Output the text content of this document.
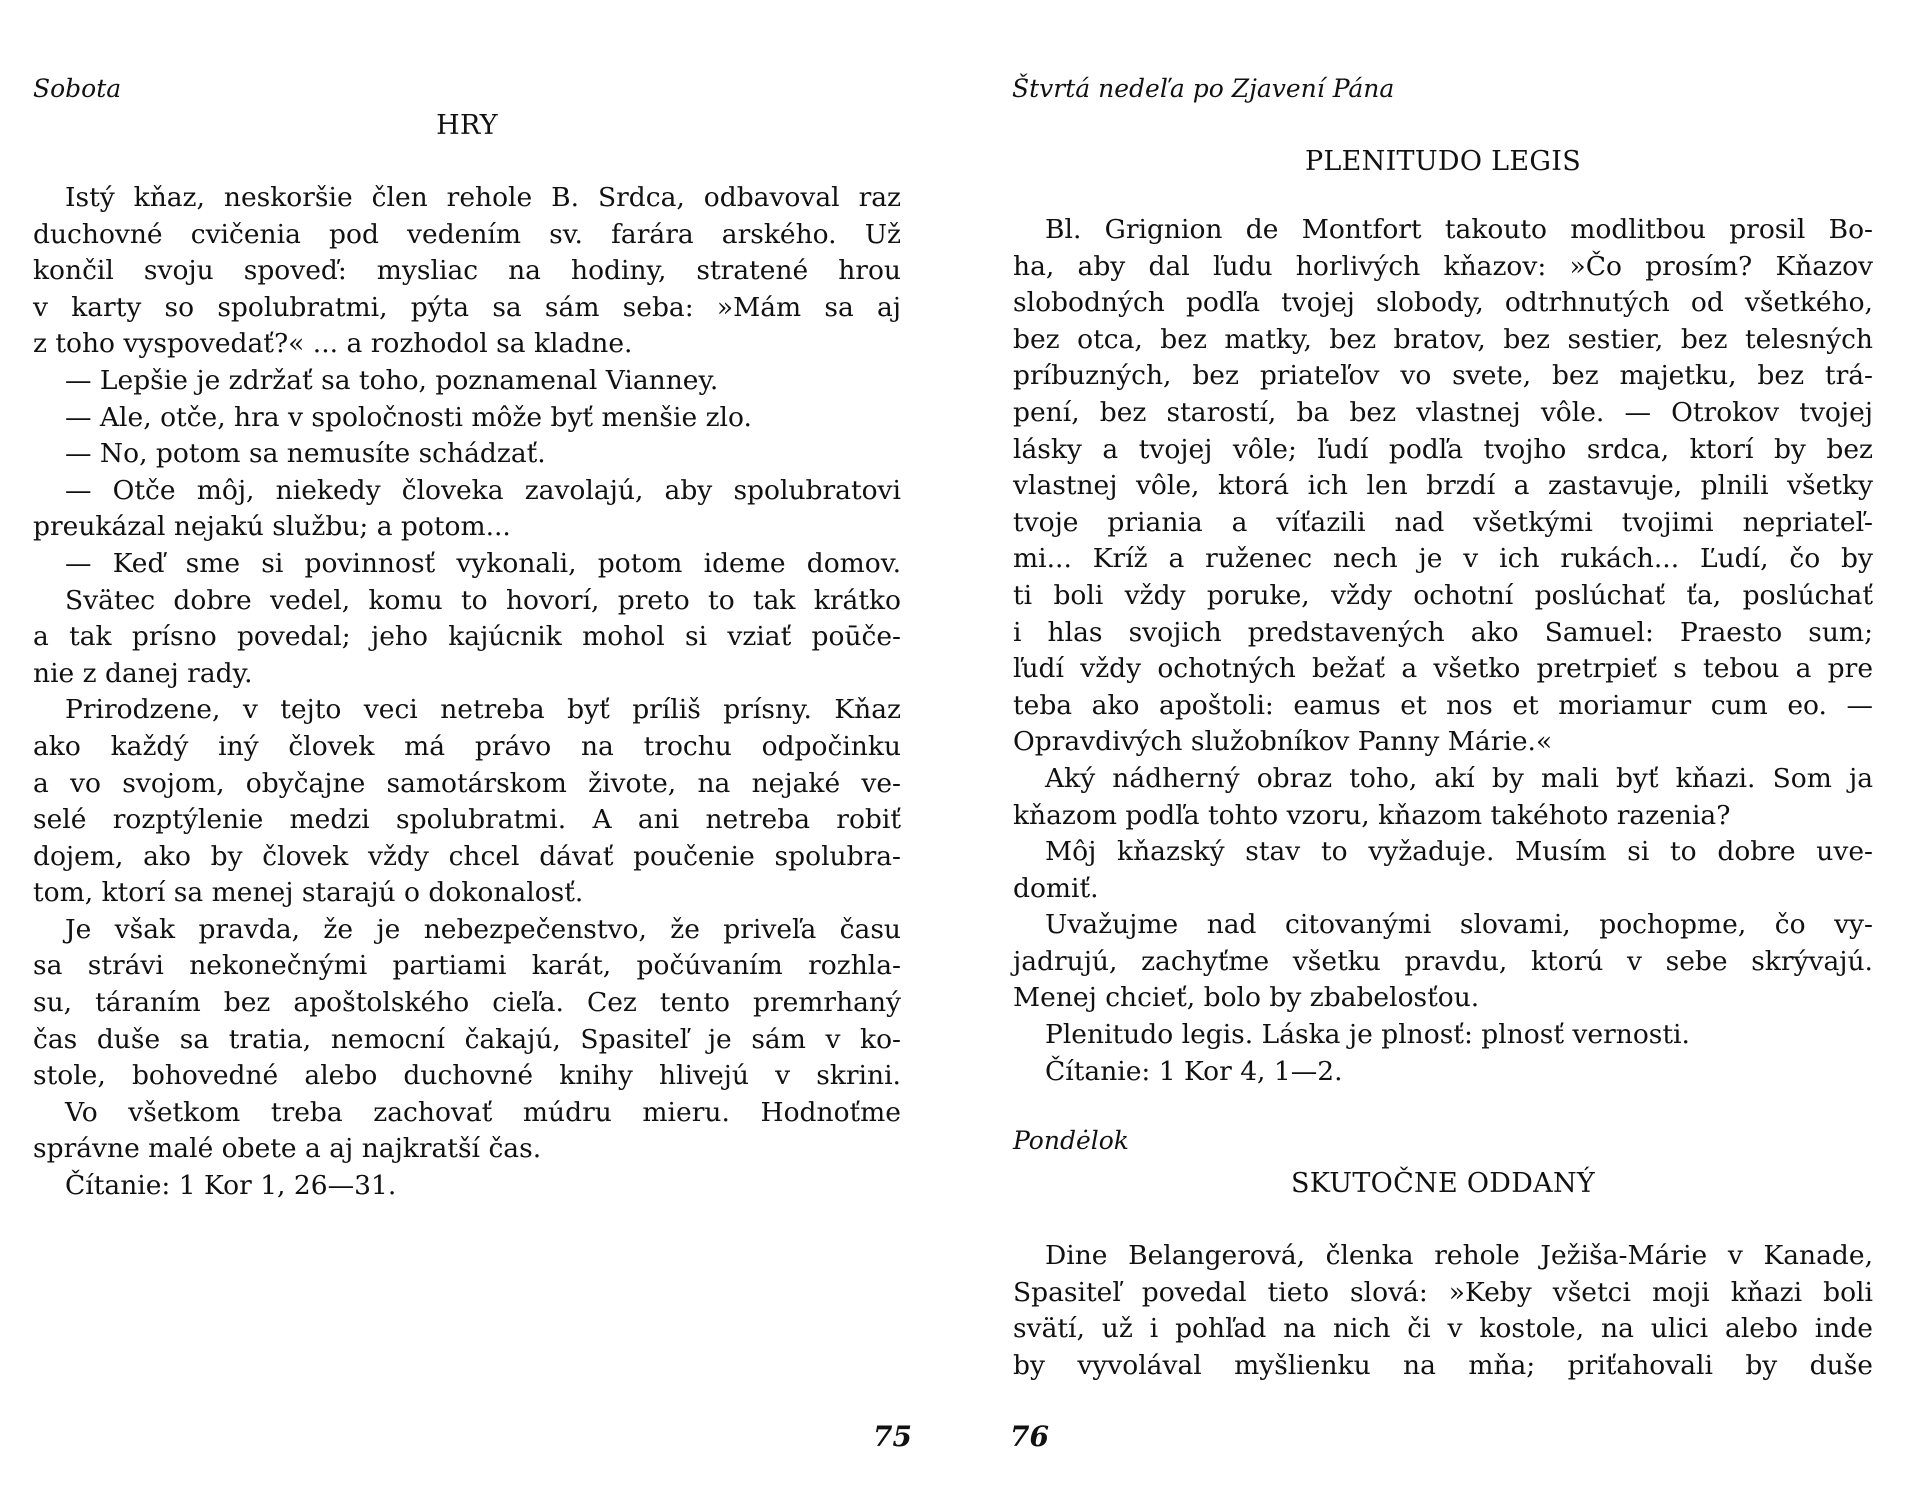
Sobota
HRY
Istý kňaz, neskoršie člen rehole B. Srdca, odbavoval raz
duchovné cvičenia pod vedením sv. farára arského. Už
končil svoju spoveď: mysliac na hodiny, stratené hrou
v karty so spolubratmi, pýta sa sám seba: »Mám sa aj
z toho vyspovedať?« ... a rozhodol sa kladne.
— Lepšie je zdržať sa toho, poznamenal Vianney.
— Ale, otče, hra v spoločnosti môže byť menšie zlo.
— No, potom sa nemusíte schádzať.
— Otče môj, niekedy človeka zavolajú, aby spolubratovi
preukázal nejakú službu; a potom...
— Keď sme si povinnosť vykonali, potom ideme domov.
Svätec dobre vedel, komu to hovorí, preto to tak krátko
a tak prísno povedal; jeho kajúcnik mohol si vziať poūče-
nie z danej rady.
Prirodzene, v tejto veci netreba byť príliš prísny. Kňaz
ako každý iný človek má právo na trochu odpočinku
a vo svojom, obyčajne samotárskom živote, na nejaké ve-
selé rozptýlenie medzi spolubratmi. A ani netreba robiť
dojem, ako by človek vždy chcel dávať poučenie spolubra-
tom, ktorí sa menej starajú o dokonalosť.
Je však pravda, že je nebezpečenstvo, že priveľa času
sa strávi nekonečnými partiami karát, počúvaním rozhla-
su, táraním bez apoštolského cieľa. Cez tento premrhaný
čas duše sa tratia, nemocní čakajú, Spasiteľ je sám v ko-
stole, bohovedné alebo duchovné knihy hlivejú v skrini.
Vo všetkom treba zachovať múdru mieru. Hodnoťme
správne malé obete a aj najkratší čas.
Čítanie: 1 Kor 1, 26—31.
75
Štvrtá nedeľa po Zjavení Pána
PLENITUDO LEGIS
Bl. Grignion de Montfort takouto modlitbou prosil Bo-
ha, aby dal ľudu horlivých kňazov: »Čo prosím? Kňazov
slobodných podľa tvojej slobody, odtrhnutých od všetkého,
bez otca, bez matky, bez bratov, bez sestier, bez telesných
príbuzných, bez priateľov vo svete, bez majetku, bez trá-
pení, bez starostí, ba bez vlastnej vôle. — Otrokov tvojej
lásky a tvojej vôle; ľudí podľa tvojho srdca, ktorí by bez
vlastnej vôle, ktorá ich len brzdí a zastavuje, plnili všetky
tvoje priania a víťazili nad všetkými tvojimi nepriateľ-
mi... Kríž a ruženec nech je v ich rukách... Ľudí, čo by
ti boli vždy poruke, vždy ochotní poslúchať ťa, poslúchať
i hlas svojich predstavených ako Samuel: Praesto sum;
ľudí vždy ochotných bežať a všetko pretrpieť s tebou a pre
teba ako apoštoli: eamus et nos et moriamur cum eo. —
Opravdivých služobníkov Panny Márie.«
Aký nádherný obraz toho, akí by mali byť kňazi. Som ja
kňazom podľa tohto vzoru, kňazom takéhoto razenia?
Môj kňazský stav to vyžaduje. Musím si to dobre uve-
domiť.
Uvažujme nad citovanými slovami, pochopme, čo vy-
jadrujú, zachyťme všetku pravdu, ktorú v sebe skrývajú.
Menej chcieť, bolo by zbabelosťou.
Plenitudo legis. Láska je plnosť: plnosť vernosti.
Čítanie: 1 Kor 4, 1—2.
Pondėlok
SKUTOČNE ODDANÝ
Dine Belangerová, členka rehole Ježiša-Márie v Kanade,
Spasiteľ povedal tieto slová: »Keby všetci moji kňazi boli
svätí, už i pohľad na nich či v kostole, na ulici alebo inde
by vyvolával myšlienku na mňa; priťahovali by duše
76
